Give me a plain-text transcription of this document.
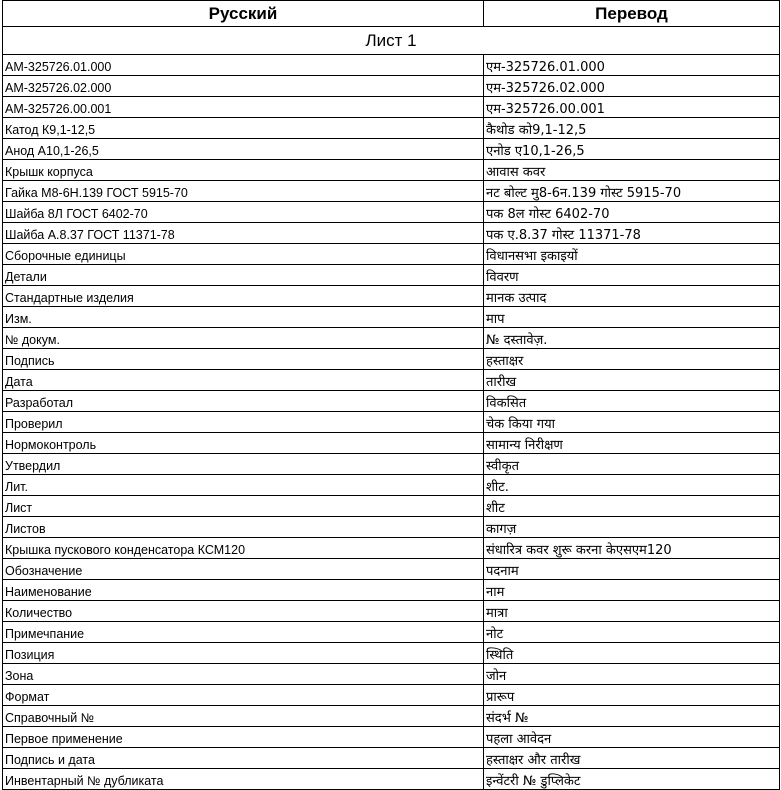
Русский	Перевод
Лист 1	
АМ-325726.01.000	एम-325726.01.000
АМ-325726.02.000	एम-325726.02.000
АМ-325726.00.001	एम-325726.00.001
Катод К9,1-12,5	कैथोड को9,1-12,5
Анод А10,1-26,5	एनोड ए10,1-26,5
Крышк корпуса	आवास कवर
Гайка М8-6Н.139 ГОСТ 5915-70	नट बोल्ट मु8-6न.139 गोस्ट 5915-70
Шайба 8Л ГОСТ 6402-70	पक 8ल गोस्ट 6402-70
Шайба А.8.37 ГОСТ 11371-78	पक ए.8.37 गोस्ट 11371-78
Сборочные единицы	विधानसभा इकाइयों
Детали	विवरण
Стандартные изделия	मानक उत्पाद
Изм.	माप
№ докум.	№ दस्तावेज़.
Подпись	हस्ताक्षर
Дата	तारीख
Разработал	विकसित
Проверил	चेक किया गया
Нормоконтроль	सामान्य निरीक्षण
Утвердил	स्वीकृत
Лит.	शीट.
Лист	शीट
Листов	कागज़
Крышка пускового конденсатора КСМ120	संधारित्र कवर शुरू करना केएसएम120
Обозначение	पदनाम
Наименование	नाम
Количество	मात्रा
Примечпание	नोट
Позиция	स्थिति
Зона	जोन
Формат	प्रारूप
Справочный №	संदर्भ №
Первое применение	पहला आवेदन
Подпись и дата	हस्ताक्षर और तारीख
Инвентарный № дубликата	इन्वेंटरी № डुप्लिकेट
